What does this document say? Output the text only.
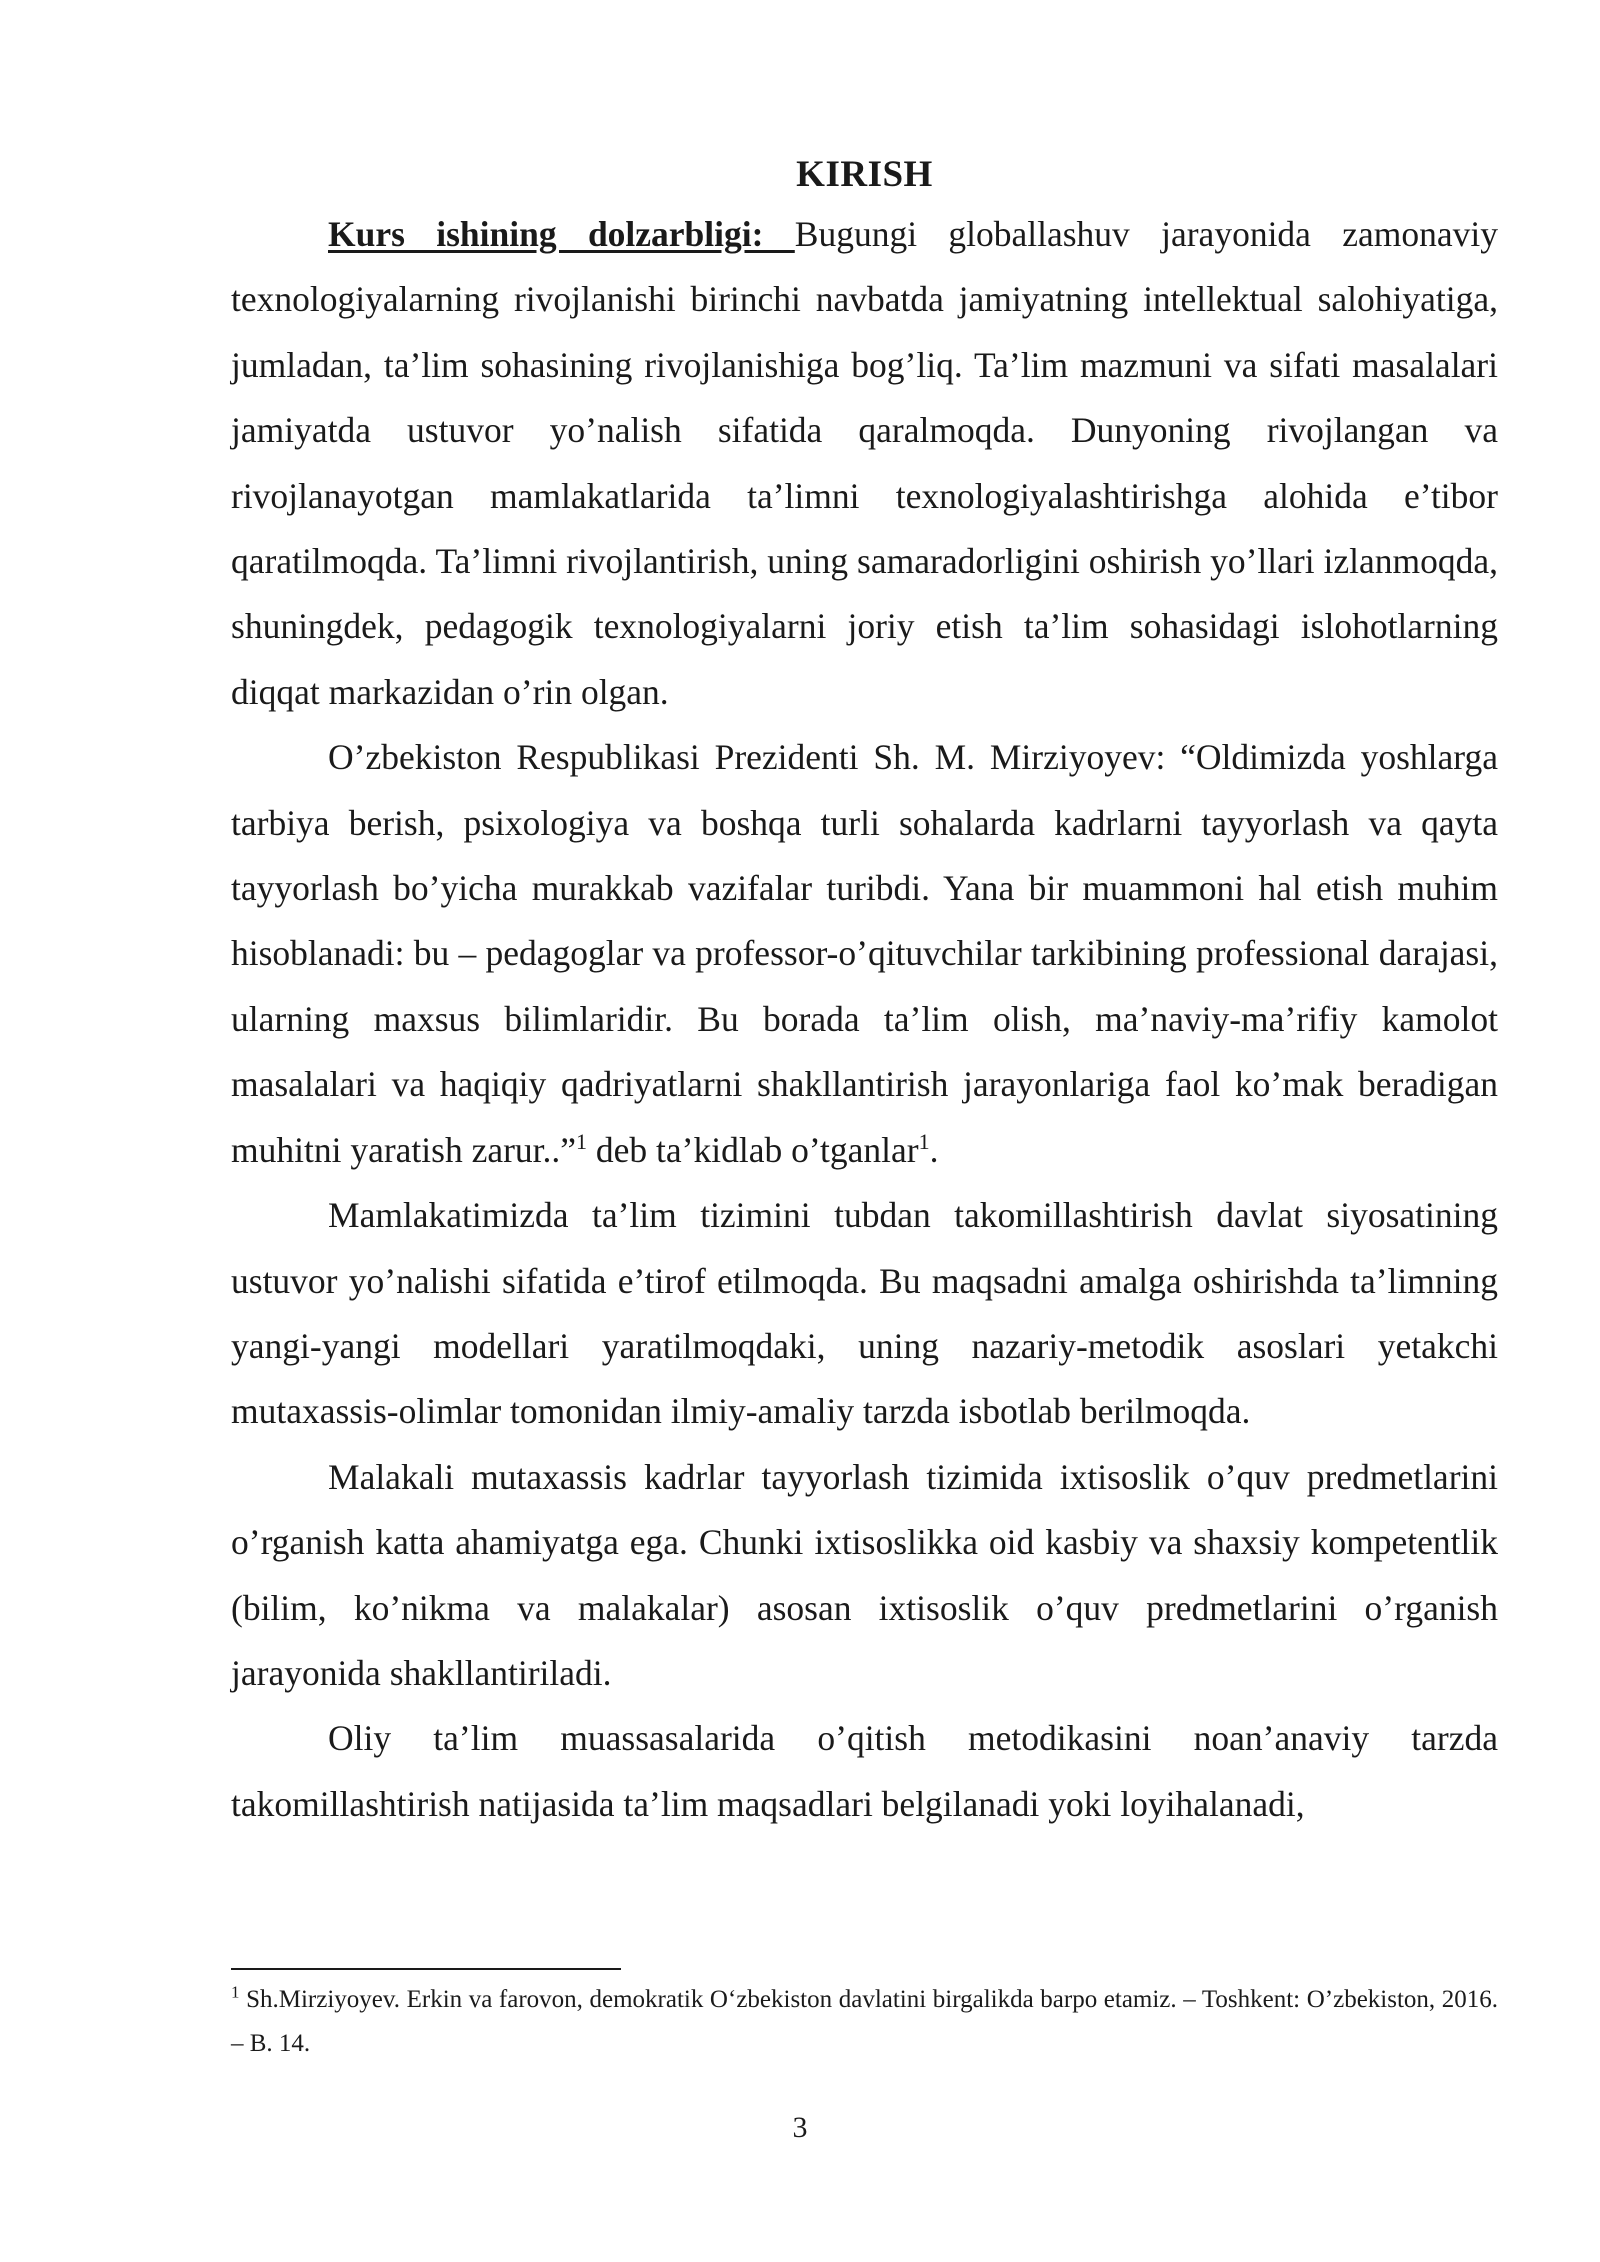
KIRISH

Kurs ishining dolzarbligi: Bugungi globallashuv jarayonida zamonaviy texnologiyalarning rivojlanishi birinchi navbatda jamiyatning intellektual salohiyatiga, jumladan, ta’lim sohasining rivojlanishiga bog’liq. Ta’lim mazmuni va sifati masalalari jamiyatda ustuvor yo’nalish sifatida qaralmoqda. Dunyoning rivojlangan va rivojlanayotgan mamlakatlarida ta’limni texnologiyalashtirishga alohida e’tibor qaratilmoqda. Ta’limni rivojlantirish, uning samaradorligini oshirish yo’llari izlanmoqda, shuningdek, pedagogik texnologiyalarni joriy etish ta’lim sohasidagi islohotlarning diqqat markazidan o’rin olgan.

O’zbekiston Respublikasi Prezidenti Sh. M. Mirziyoyev: “Oldimizda yoshlarga tarbiya berish, psixologiya va boshqa turli sohalarda kadrlarni tayyorlash va qayta tayyorlash bo’yicha murakkab vazifalar turibdi. Yana bir muammoni hal etish muhim hisoblanadi: bu – pedagoglar va professor-o’qituvchilar tarkibining professional darajasi, ularning maxsus bilimlaridir. Bu borada ta’lim olish, ma’naviy-ma’rifiy kamolot masalalari va haqiqiy qadriyatlarni shakllantirish jarayonlariga faol ko’mak beradigan muhitni yaratish zarur..”$^1$ deb ta’kidlab o’tganlar$^1$.

Mamlakatimizda ta’lim tizimini tubdan takomillashtirish davlat siyosatining ustuvor yo’nalishi sifatida e’tirof etilmoqda. Bu maqsadni amalga oshirishda ta’limning yangi-yangi modellari yaratilmoqdaki, uning nazariy-metodik asoslari yetakchi mutaxassis-olimlar tomonidan ilmiy-amaliy tarzda isbotlab berilmoqda.

Malakali mutaxassis kadrlar tayyorlash tizimida ixtisoslik o’quv predmetlarini o’rganish katta ahamiyatga ega. Chunki ixtisoslikka oid kasbiy va shaxsiy kompetentlik (bilim, ko’nikma va malakalar) asosan ixtisoslik o’quv predmetlarini o’rganish jarayonida shakllantiriladi.

Oliy ta’lim muassasalarida o’qitish metodikasini noan’anaviy tarzda takomillashtirish natijasida ta’lim maqsadlari belgilanadi yoki loyihalanadi,

$^1$ Sh.Mirziyoyev. Erkin va farovon, demokratik O‘zbekiston davlatini birgalikda barpo etamiz. – Toshkent: O’zbekiston, 2016. – B. 14.

3
